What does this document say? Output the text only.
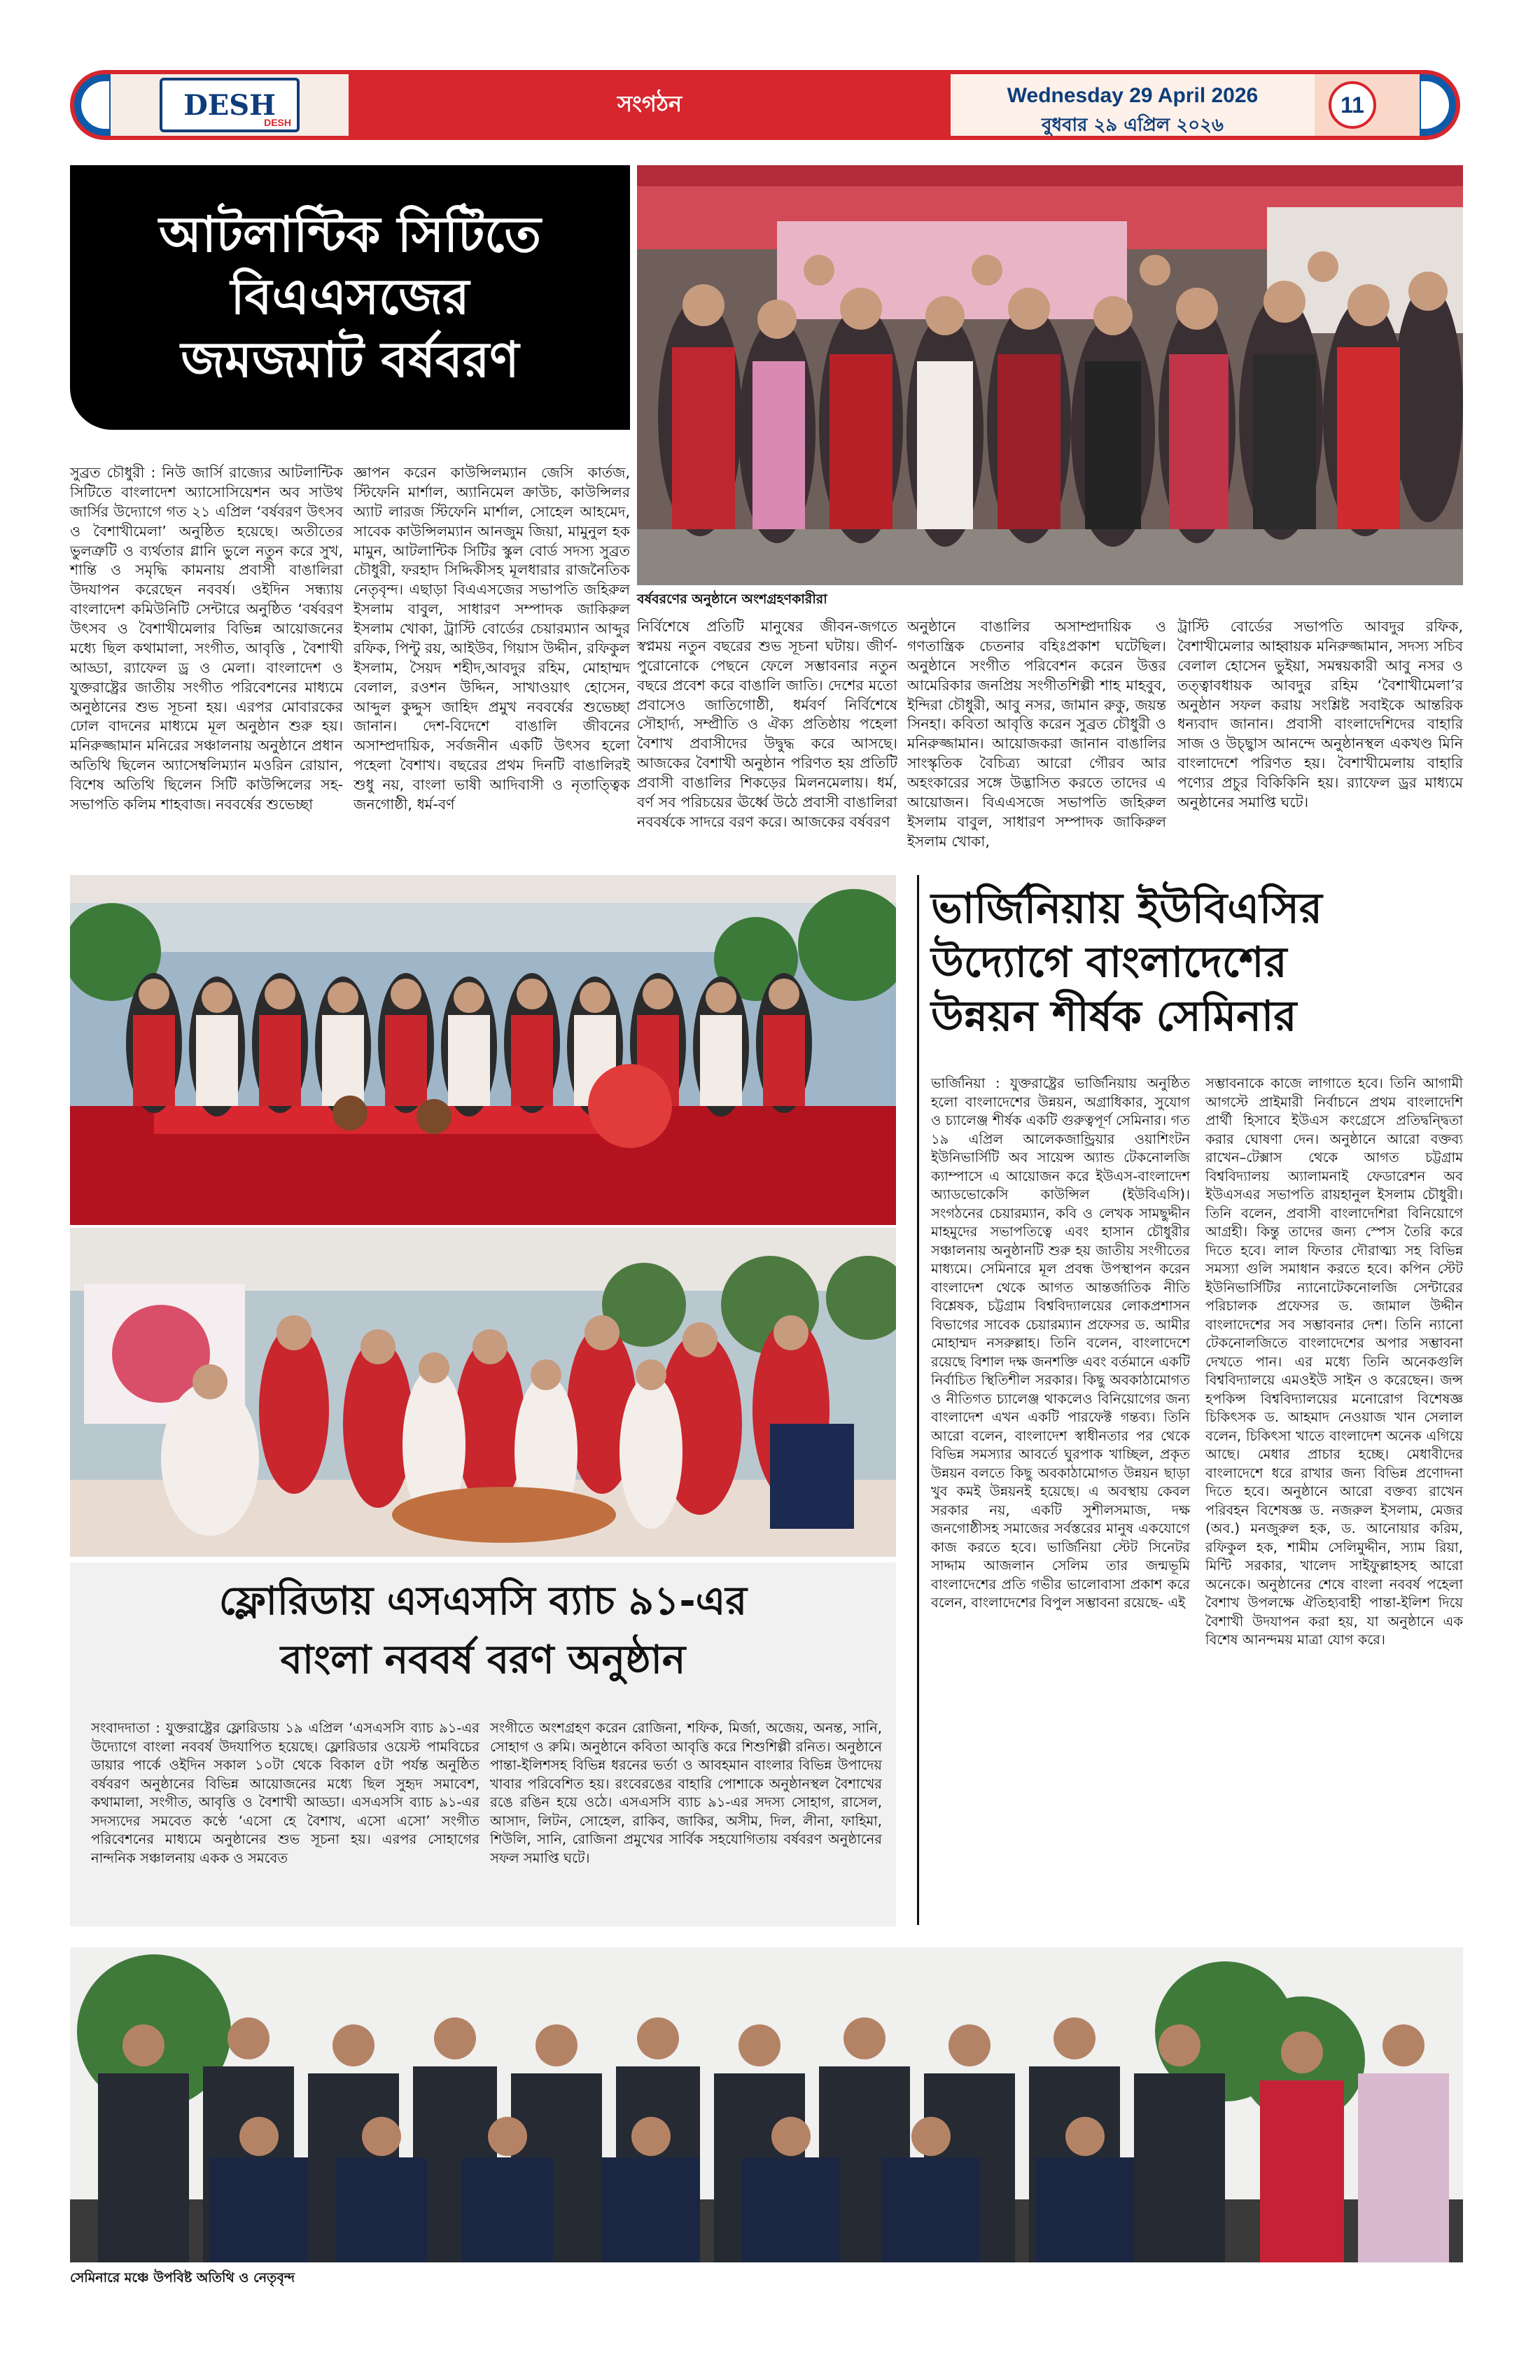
DESH
DESH
সংগঠন	Wednesday 29 April 2026
বুধবার ২৯ এপ্রিল ২০২৬
11
আটলান্টিক সিটিতে
বিএএসজের
জমজমাট বর্ষবরণ
বর্ষবরণের অনুষ্ঠানে অংশগ্রহণকারীরা
সুব্রত চৌধুরী : নিউ জার্সি রাজ্যের আটলান্টিক সিটিতে বাংলাদেশ অ্যাসোসিয়েশন অব সাউথ জার্সির উদ্যোগে গত ২১ এপ্রিল ‘বর্ষবরণ উৎসব ও বৈশাখীমেলা’ অনুষ্ঠিত হয়েছে। অতীতের ভুলত্রুটি ও ব্যর্থতার গ্লানি ভুলে নতুন করে সুখ, শান্তি ও সমৃদ্ধি কামনায় প্রবাসী বাঙালিরা উদযাপন করেছেন নববর্ষ। ওইদিন সন্ধ্যায় বাংলাদেশ কমিউনিটি সেন্টারে অনুষ্ঠিত ‘বর্ষবরণ উৎসব ও বৈশাখীমেলার বিভিন্ন আয়োজনের মধ্যে ছিল কথামালা, সংগীত, আবৃত্তি , বৈশাখী আড্ডা, র‌্যাফেল ড্র ও মেলা। বাংলাদেশ ও যুক্তরাষ্ট্রের জাতীয় সংগীত পরিবেশনের মাধ্যমে অনুষ্ঠানের শুভ সূচনা হয়। এরপর মোবারকের ঢোল বাদনের মাধ্যমে মূল অনুষ্ঠান শুরু হয়। মনিরুজ্জামান মনিরের সঞ্চালনায় অনুষ্ঠানে প্রধান অতিথি ছিলেন অ্যাসেম্বলিম্যান মওরিন রোয়ান, বিশেষ অতিথি ছিলেন সিটি কাউন্সিলের সহ-সভাপতি কলিম শাহবাজ। নববর্ষের শুভেচ্ছা
জ্ঞাপন করেন কাউন্সিলম্যান জেসি কার্তজ, স্টিফেনি মার্শাল, অ্যানিমেল ক্রাউচ, কাউন্সিলর অ্যাট লারজ স্টিফেনি মার্শাল, সোহেল আহমেদ, সাবেক কাউন্সিলম্যান আনজুম জিয়া, মামুনুল হক মামুন, আটলান্টিক সিটির স্কুল বোর্ড সদস্য সুব্রত চৌধুরী, ফরহাদ সিদ্দিকীসহ মূলধারার রাজনৈতিক নেতৃবৃন্দ। এছাড়া বিএএসজের সভাপতি জহিরুল ইসলাম বাবুল, সাধারণ সম্পাদক জাকিরুল ইসলাম খোকা, ট্রাস্টি বোর্ডের চেয়ারম্যান আব্দুর রফিক, পিন্টু রয়, আইউব, গিয়াস উদ্দীন, রফিকুল ইসলাম, সৈয়দ শহীদ,আবদুর রহিম, মোহাম্মদ বেলাল, রওশন উদ্দিন, সাখাওয়াৎ হোসেন, আব্দুল কুদ্দুস জাহিদ প্রমুখ নববর্ষের শুভেচ্ছা জানান। দেশ-বিদেশে বাঙালি জীবনের অসাম্প্রদায়িক, সর্বজনীন একটি উৎসব হলো পহেলা বৈশাখ। বছরের প্রথম দিনটি বাঙালিরই শুধু নয়, বাংলা ভাষী আদিবাসী ও নৃতাত্ত্বিক জনগোষ্ঠী, ধর্ম-বর্ণ
নির্বিশেষে প্রতিটি মানুষের জীবন-জগতে স্বপ্নময় নতুন বছরের শুভ সূচনা ঘটায়। জীর্ণ-পুরোনোকে পেছনে ফেলে সম্ভাবনার নতুন বছরে প্রবেশ করে বাঙালি জাতি। দেশের মতো প্রবাসেও জাতিগোষ্ঠী, ধর্মবর্ণ নির্বিশেষে সৌহার্দ্য, সম্প্রীতি ও ঐক্য প্রতিষ্ঠায় পহেলা বৈশাখ প্রবাসীদের উদ্বুদ্ধ করে আসছে। আজকের বৈশাখী অনুষ্ঠান পরিণত হয় প্রতিটি প্রবাসী বাঙালির শিকড়ের মিলনমেলায়। ধর্ম, বর্ণ সব পরিচয়ের ঊর্ধ্বে উঠে প্রবাসী বাঙালিরা নববর্ষকে সাদরে বরণ করে। আজকের বর্ষবরণ
অনুষ্ঠানে বাঙালির অসাম্প্রদায়িক ও গণতান্ত্রিক চেতনার বহিঃপ্রকাশ ঘটেছিল। অনুষ্ঠানে সংগীত পরিবেশন করেন উত্তর আমেরিকার জনপ্রিয় সংগীতশিল্পী শাহ মাহবুব, ইন্দিরা চৌধুরী, আবু নসর, জামান রুকু, জয়ন্ত সিনহা। কবিতা আবৃত্তি করেন সুব্রত চৌধুরী ও মনিরুজ্জামান। আয়োজকরা জানান বাঙালির সাংস্কৃতিক বৈচিত্র্য আরো গৌরব আর অহংকারের সঙ্গে উদ্ভাসিত করতে তাদের এ আয়োজন। বিএএসজে সভাপতি জহিরুল ইসলাম বাবুল, সাধারণ সম্পাদক জাকিরুল ইসলাম খোকা,
ট্রাস্টি বোর্ডের সভাপতি আবদুর রফিক, বৈশাখীমেলার আহ্বায়ক মনিরুজ্জামান, সদস্য সচিব বেলাল হোসেন ভুইয়া, সমন্বয়কারী আবু নসর ও তত্ত্বাবধায়ক আবদুর রহিম ‘বৈশাখীমেলা’র অনুষ্ঠান সফল করায় সংশ্লিষ্ট সবাইকে আন্তরিক ধন্যবাদ জানান। প্রবাসী বাংলাদেশিদের বাহারি সাজ ও উচ্ছ্বাস আনন্দে অনুষ্ঠানস্থল একখণ্ড মিনি বাংলাদেশে পরিণত হয়। বৈশাখীমেলায় বাহারি পণ্যের প্রচুর বিকিকিনি হয়। র‌্যাফেল ড্রর মাধ্যমে অনুষ্ঠানের সমাপ্তি ঘটে।
ফ্লোরিডায় এসএসসি ব্যাচ ৯১-এর
বাংলা নববর্ষ বরণ অনুষ্ঠান
সংবাদদাতা : যুক্তরাষ্ট্রের ফ্লোরিডায় ১৯ এপ্রিল ‘এসএসসি ব্যাচ ৯১-এর উদ্যোগে বাংলা নববর্ষ উদযাপিত হয়েছে। ফ্লোরিডার ওয়েস্ট পামবিচের ডায়ার পার্কে ওইদিন সকাল ১০টা থেকে বিকাল ৫টা পর্যন্ত অনুষ্ঠিত বর্ষবরণ অনুষ্ঠানের বিভিন্ন আয়োজনের মধ্যে ছিল সুহৃদ সমাবেশ, কথামালা, সংগীত, আবৃত্তি ও বৈশাখী আড্ডা। এসএসসি ব্যাচ ৯১-এর সদস্যদের সমবেত কণ্ঠে ‘এসো হে বৈশাখ, এসো এসো’ সংগীত পরিবেশনের মাধ্যমে অনুষ্ঠানের শুভ সূচনা হয়। এরপর সোহাগের নান্দনিক সঞ্চালনায় একক ও সমবেত
সংগীতে অংশগ্রহণ করেন রোজিনা, শফিক, মির্জা, অজেয়, অনন্ত, সানি, সোহাগ ও রুমি। অনুষ্ঠানে কবিতা আবৃত্তি করে শিশুশিল্পী রনিত। অনুষ্ঠানে পান্তা-ইলিশসহ বিভিন্ন ধরনের ভর্তা ও আবহমান বাংলার বিভিন্ন উপাদেয় খাবার পরিবেশিত হয়। রংবেরঙের বাহারি পোশাকে অনুষ্ঠানস্থল বৈশাখের রঙে রঙিন হয়ে ওঠে। এসএসসি ব্যাচ ৯১-এর সদস্য সোহাগ, রাসেল, আসাদ, লিটন, সোহেল, রাকিব, জাকির, অসীম, দিল, লীনা, ফাহিমা, শিউলি, সানি, রোজিনা প্রমুখের সার্বিক সহযোগিতায় বর্ষবরণ অনুষ্ঠানের সফল সমাপ্তি ঘটে।
ভার্জিনিয়ায় ইউবিএসির
উদ্যোগে বাংলাদেশের
উন্নয়ন শীর্ষক সেমিনার
ভার্জিনিয়া : যুক্তরাষ্ট্রের ভার্জিনিয়ায় অনুষ্ঠিত হলো বাংলাদেশের উন্নয়ন, অগ্রাধিকার, সুযোগ ও চ্যালেঞ্জ শীর্ষক একটি গুরুত্বপূর্ণ সেমিনার। গত ১৯ এপ্রিল আলেকজান্ড্রিয়ার ওয়াশিংটন ইউনিভার্সিটি অব সায়েন্স অ্যান্ড টেকনোলজি ক্যাম্পাসে এ আয়োজন করে ইউএস-বাংলাদেশ অ্যাডভোকেসি কাউন্সিল (ইউবিএসি)। সংগঠনের চেয়ারম্যান, কবি ও লেখক সামছুদ্দীন মাহমুদের সভাপতিত্বে এবং হাসান চৌধুরীর সঞ্চালনায় অনুষ্ঠানটি শুরু হয় জাতীয় সংগীতের মাধ্যমে। সেমিনারে মূল প্রবন্ধ উপস্থাপন করেন বাংলাদেশ থেকে আগত আন্তর্জাতিক নীতি বিশ্লেষক, চট্টগ্রাম বিশ্ববিদ্যালয়ের লোকপ্রশাসন বিভাগের সাবেক চেয়ারম্যান প্রফেসর ড. আমীর মোহাম্মদ নসরুল্লাহ। তিনি বলেন, বাংলাদেশে রয়েছে বিশাল দক্ষ জনশক্তি এবং বর্তমানে একটি নির্বাচিত স্থিতিশীল সরকার। কিছু অবকাঠামোগত ও নীতিগত চ্যালেঞ্জ থাকলেও বিনিয়োগের জন্য বাংলাদেশ এখন একটি পারফেক্ট গন্তব্য। তিনি আরো বলেন, বাংলাদেশ স্বাধীনতার পর থেকে বিভিন্ন সমস্যার আবর্তে ঘুরপাক খাচ্ছিল, প্রকৃত উন্নয়ন বলতে কিছু অবকাঠামোগত উন্নয়ন ছাড়া খুব কমই উন্নয়নই হয়েছে। এ অবস্থায় কেবল সরকার নয়, একটি সুশীলসমাজ, দক্ষ জনগোষ্ঠীসহ সমাজের সর্বস্তরের মানুষ একযোগে কাজ করতে হবে। ভার্জিনিয়া স্টেট সিনেটর সাদ্দাম আজলান সেলিম তার জন্মভূমি বাংলাদেশের প্রতি গভীর ভালোবাসা প্রকাশ করে বলেন, বাংলাদেশের বিপুল সম্ভাবনা রয়েছে- এই
সম্ভাবনাকে কাজে লাগাতে হবে। তিনি আগামী আগস্টে প্রাইমারী নির্বাচনে প্রথম বাংলাদেশি প্রার্থী হিসাবে ইউএস কংগ্রেসে প্রতিদ্বন্দ্বিতা করার ঘোষণা দেন। অনুষ্ঠানে আরো বক্তব্য রাখেন–টেক্সাস থেকে আগত চট্টগ্রাম বিশ্ববিদ্যালয় অ্যালামনাই ফেডারেশন অব ইউএসএর সভাপতি রায়হানুল ইসলাম চৌধুরী। তিনি বলেন, প্রবাসী বাংলাদেশিরা বিনিয়োগে আগ্রহী। কিন্তু তাদের জন্য স্পেস তৈরি করে দিতে হবে। লাল ফিতার দৌরাত্ম্য সহ বিভিন্ন সমস্যা গুলি সমাধান করতে হবে। কপিন স্টেট ইউনিভার্সিটির ন্যানোটেকনোলজি সেন্টারের পরিচালক প্রফেসর ড. জামাল উদ্দীন বাংলাদেশের সব সম্ভাবনার দেশ। তিনি ন্যানো টেকনোলজিতে বাংলাদেশের অপার সম্ভাবনা দেখতে পান। এর মধ্যে তিনি অনেকগুলি বিশ্ববিদ্যালয়ে এমওইউ সাইন ও করেছেন। জন্স হপকিন্স বিশ্ববিদ্যালয়ের মনোরোগ বিশেষজ্ঞ চিকিৎসক ড. আহমাদ নেওয়াজ খান সেলাল বলেন, চিকিৎসা খাতে বাংলাদেশ অনেক এগিয়ে আছে। মেধার প্রাচার হচ্ছে। মেধাবীদের বাংলাদেশে ধরে রাখার জন্য বিভিন্ন প্রণোদনা দিতে হবে। অনুষ্ঠানে আরো বক্তব্য রাখেন পরিবহন বিশেষজ্ঞ ড. নজরুল ইসলাম, মেজর (অব.) মনজুরুল হক, ড. আনোয়ার করিম, রফিকুল হক, শামীম সেলিমুদ্দীন, স্যাম রিয়া, মিন্টি সরকার, খালেদ সাইফুল্লাহসহ আরো অনেকে। অনুষ্ঠানের শেষে বাংলা নববর্ষ পহেলা বৈশাখ উপলক্ষে ঐতিহ্যবাহী পান্তা-ইলিশ দিয়ে বৈশাখী উদযাপন করা হয়, যা অনুষ্ঠানে এক বিশেষ আনন্দময় মাত্রা যোগ করে।
সেমিনারে মঞ্চে উপবিষ্ট অতিথি ও নেতৃবৃন্দ
